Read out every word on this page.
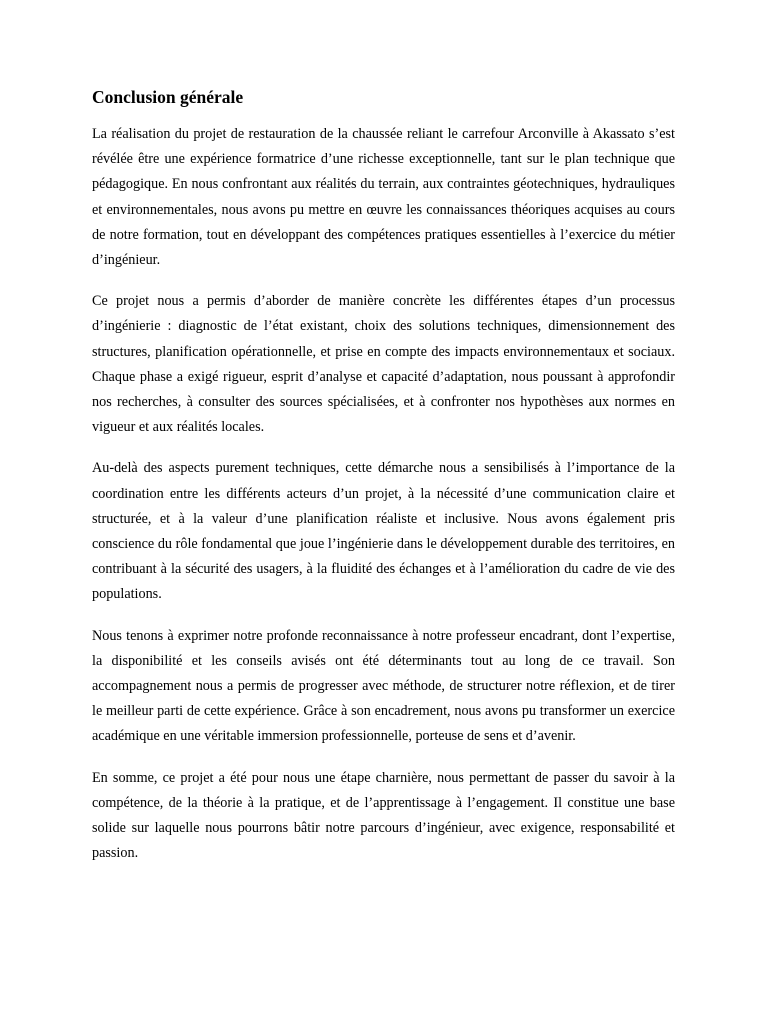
Conclusion générale

La réalisation du projet de restauration de la chaussée reliant le carrefour Arconville à Akassato s’est révélée être une expérience formatrice d’une richesse exceptionnelle, tant sur le plan technique que pédagogique. En nous confrontant aux réalités du terrain, aux contraintes géotechniques, hydrauliques et environnementales, nous avons pu mettre en œuvre les connaissances théoriques acquises au cours de notre formation, tout en développant des compétences pratiques essentielles à l’exercice du métier d’ingénieur.

Ce projet nous a permis d’aborder de manière concrète les différentes étapes d’un processus d’ingénierie : diagnostic de l’état existant, choix des solutions techniques, dimensionnement des structures, planification opérationnelle, et prise en compte des impacts environnementaux et sociaux. Chaque phase a exigé rigueur, esprit d’analyse et capacité d’adaptation, nous poussant à approfondir nos recherches, à consulter des sources spécialisées, et à confronter nos hypothèses aux normes en vigueur et aux réalités locales.

Au-delà des aspects purement techniques, cette démarche nous a sensibilisés à l’importance de la coordination entre les différents acteurs d’un projet, à la nécessité d’une communication claire et structurée, et à la valeur d’une planification réaliste et inclusive. Nous avons également pris conscience du rôle fondamental que joue l’ingénierie dans le développement durable des territoires, en contribuant à la sécurité des usagers, à la fluidité des échanges et à l’amélioration du cadre de vie des populations.

Nous tenons à exprimer notre profonde reconnaissance à notre professeur encadrant, dont l’expertise, la disponibilité et les conseils avisés ont été déterminants tout au long de ce travail. Son accompagnement nous a permis de progresser avec méthode, de structurer notre réflexion, et de tirer le meilleur parti de cette expérience. Grâce à son encadrement, nous avons pu transformer un exercice académique en une véritable immersion professionnelle, porteuse de sens et d’avenir.

En somme, ce projet a été pour nous une étape charnière, nous permettant de passer du savoir à la compétence, de la théorie à la pratique, et de l’apprentissage à l’engagement. Il constitue une base solide sur laquelle nous pourrons bâtir notre parcours d’ingénieur, avec exigence, responsabilité et passion.
